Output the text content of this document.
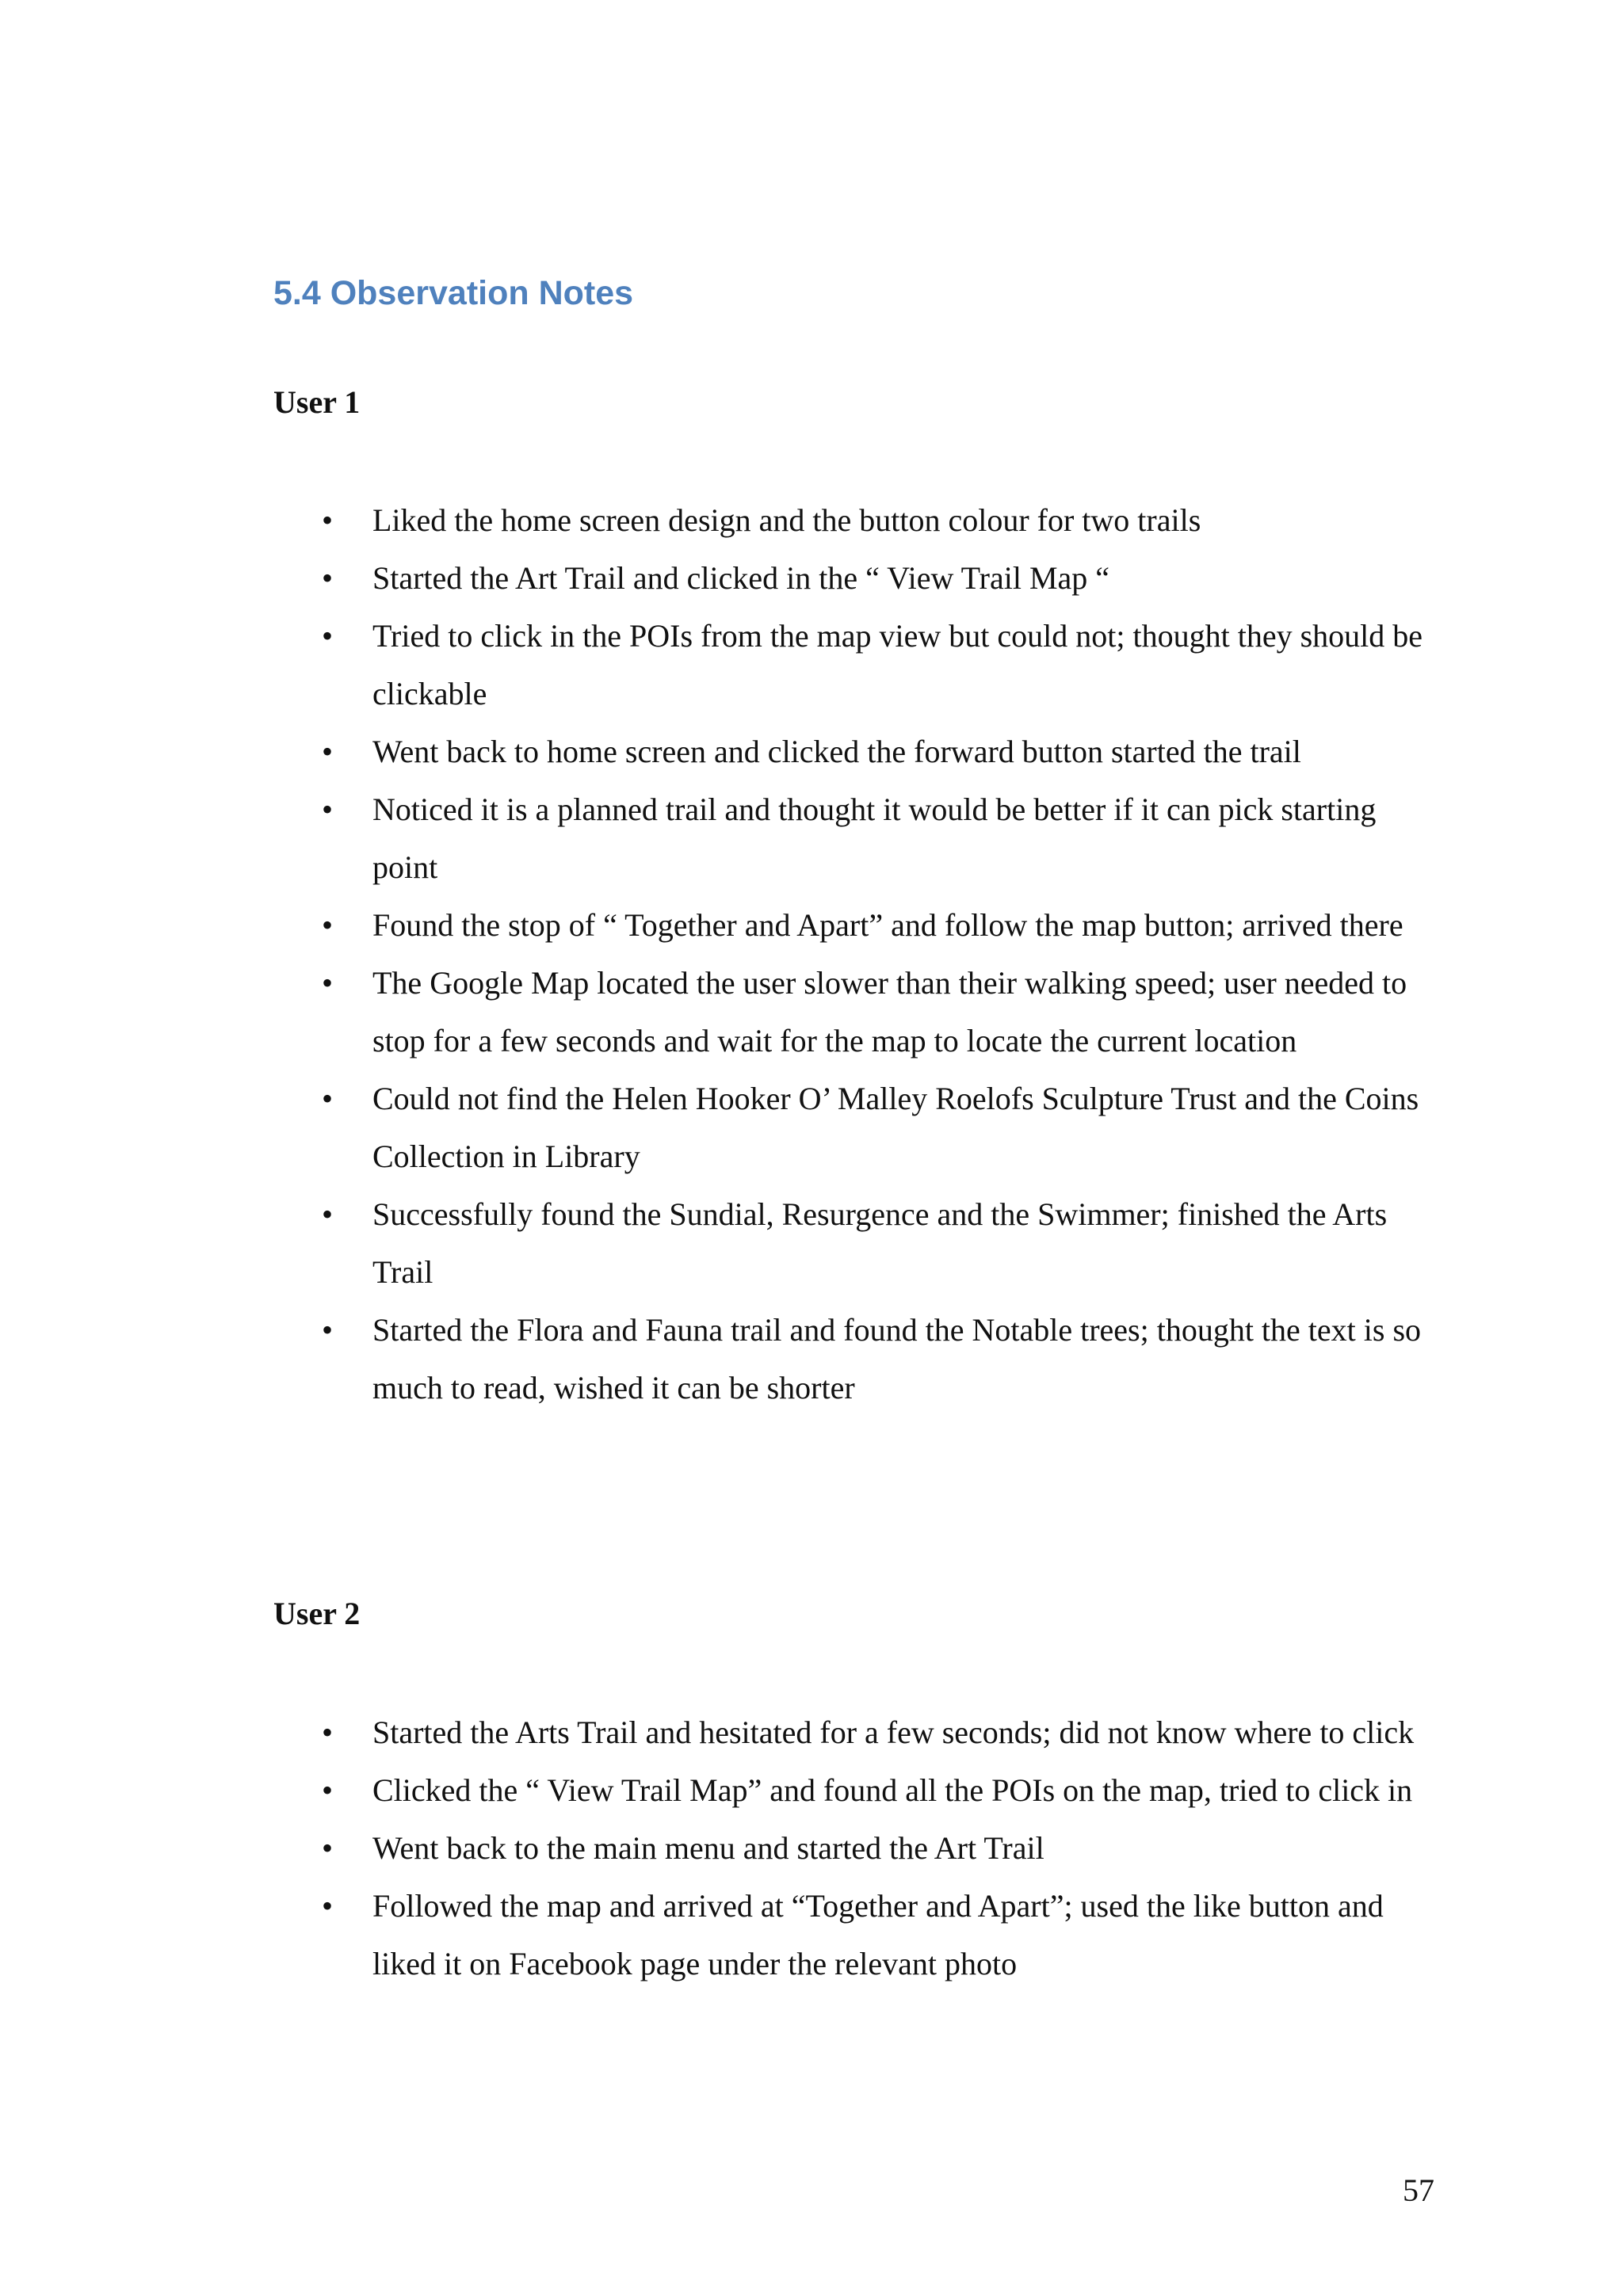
5.4 Observation Notes
User 1
• Liked the home screen design and the button colour for two trails
• Started the Art Trail and clicked in the “ View Trail Map “
• Tried to click in the POIs from the map view but could not; thought they should be clickable
• Went back to home screen and clicked the forward button started the trail
• Noticed it is a planned trail and thought it would be better if it can pick starting point
• Found the stop of “ Together and Apart” and follow the map button; arrived there
• The Google Map located the user slower than their walking speed; user needed to stop for a few seconds and wait for the map to locate the current location
• Could not find the Helen Hooker O’ Malley Roelofs Sculpture Trust and the Coins Collection in Library
• Successfully found the Sundial, Resurgence and the Swimmer; finished the Arts Trail
• Started the Flora and Fauna trail and found the Notable trees; thought the text is so much to read, wished it can be shorter
User 2
• Started the Arts Trail and hesitated for a few seconds; did not know where to click
• Clicked the “ View Trail Map” and found all the POIs on the map, tried to click in
• Went back to the main menu and started the Art Trail
• Followed the map and arrived at “Together and Apart”; used the like button and liked it on Facebook page under the relevant photo
57
